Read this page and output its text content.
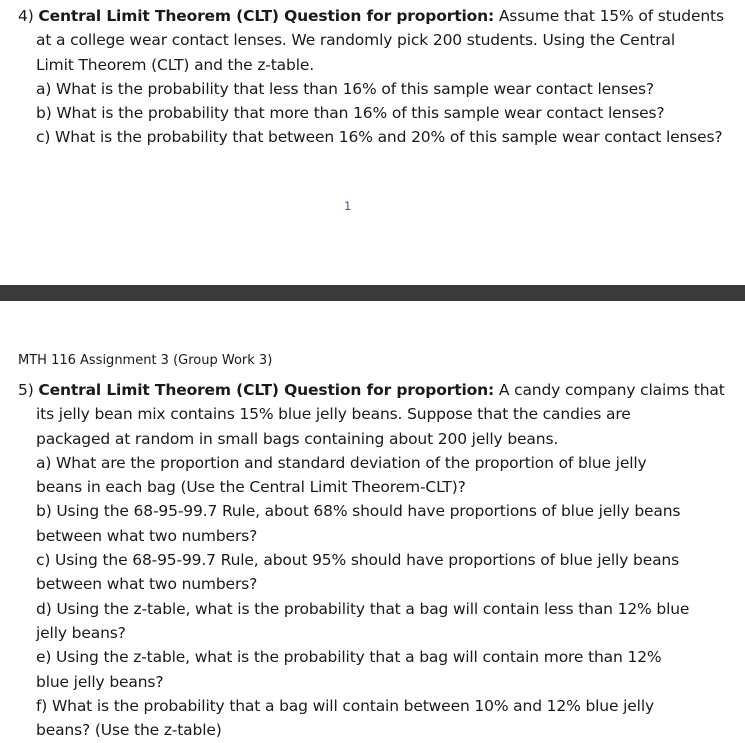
4) Central Limit Theorem (CLT) Question for proportion: Assume that 15% of students
at a college wear contact lenses. We randomly pick 200 students. Using the Central
Limit Theorem (CLT) and the z-table.
a) What is the probability that less than 16% of this sample wear contact lenses?
b) What is the probability that more than 16% of this sample wear contact lenses?
c) What is the probability that between 16% and 20% of this sample wear contact lenses?
1
MTH 116 Assignment 3 (Group Work 3)
5) Central Limit Theorem (CLT) Question for proportion: A candy company claims that
its jelly bean mix contains 15% blue jelly beans. Suppose that the candies are
packaged at random in small bags containing about 200 jelly beans.
a) What are the proportion and standard deviation of the proportion of blue jelly
beans in each bag (Use the Central Limit Theorem-CLT)?
b) Using the 68-95-99.7 Rule, about 68% should have proportions of blue jelly beans
between what two numbers?
c) Using the 68-95-99.7 Rule, about 95% should have proportions of blue jelly beans
between what two numbers?
d) Using the z-table, what is the probability that a bag will contain less than 12% blue
jelly beans?
e) Using the z-table, what is the probability that a bag will contain more than 12%
blue jelly beans?
f) What is the probability that a bag will contain between 10% and 12% blue jelly
beans? (Use the z-table)
